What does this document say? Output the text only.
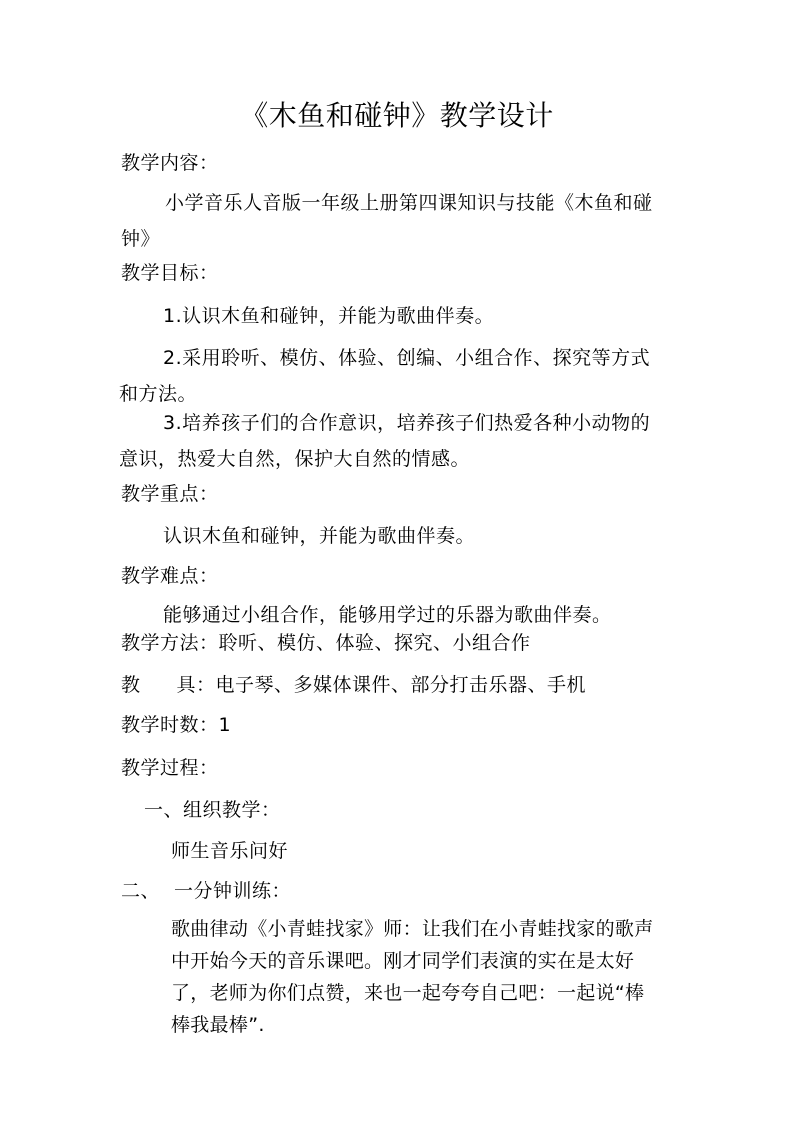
《木鱼和碰钟》教学设计
教学内容：
小学音乐人音版一年级上册第四课知识与技能《木鱼和碰钟》
教学目标：
1.认识木鱼和碰钟，并能为歌曲伴奏。
2.采用聆听、模仿、体验、创编、小组合作、探究等方式和方法。
3.培养孩子们的合作意识，培养孩子们热爱各种小动物的意识，热爱大自然，保护大自然的情感。
教学重点：
认识木鱼和碰钟，并能为歌曲伴奏。
教学难点：
能够通过小组合作，能够用学过的乐器为歌曲伴奏。
教学方法：聆听、模仿、体验、探究、小组合作
教 具：电子琴、多媒体课件、部分打击乐器、手机
教学时数：1
教学过程：
一、组织教学：
师生音乐问好
二、 一分钟训练：
歌曲律动《小青蛙找家》师：让我们在小青蛙找家的歌声中开始今天的音乐课吧。刚才同学们表演的实在是太好了，老师为你们点赞，来也一起夸夸自己吧：一起说“棒棒我最棒”.
